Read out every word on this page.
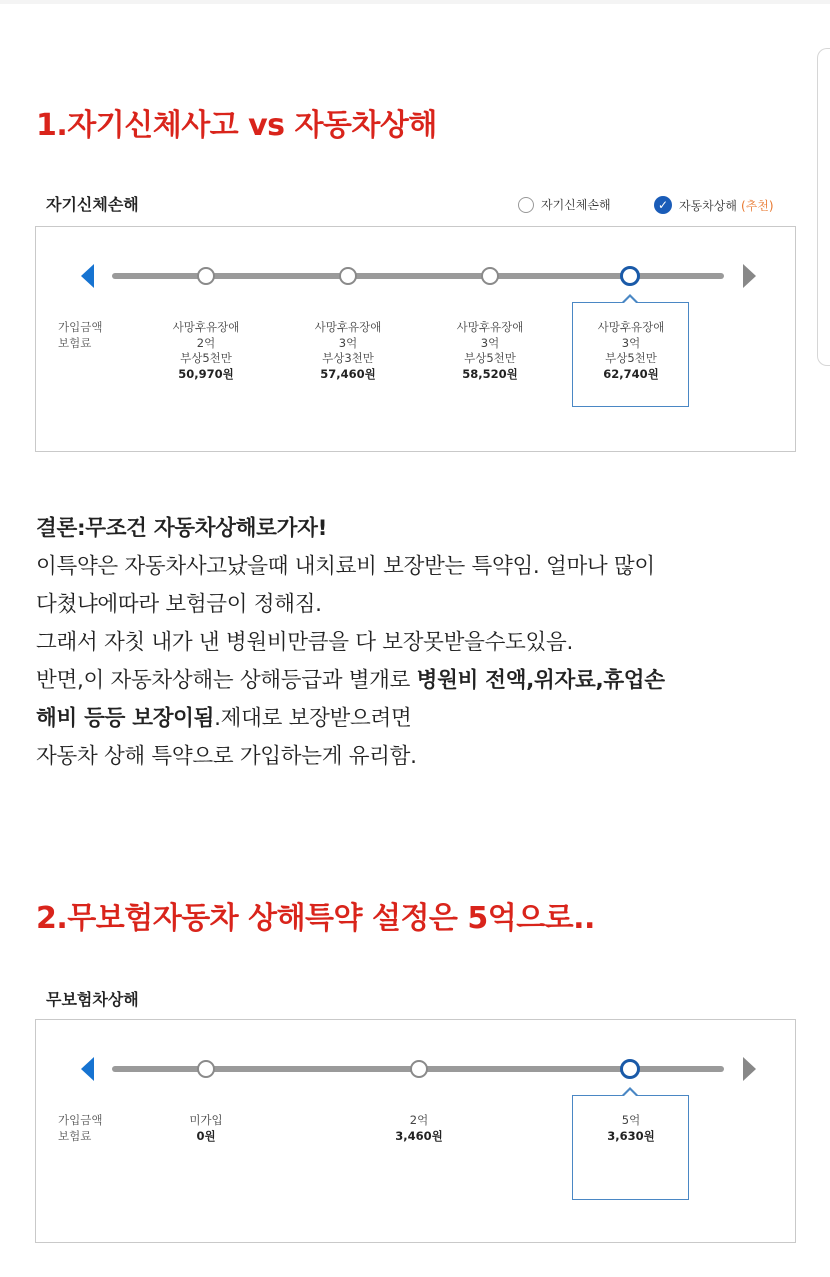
1.자기신체사고 vs 자동차상해
자기신체손해	자기신체손해	✓ 자동차상해 (추천)
가입금액
보험료
사망후유장애
2억
부상5천만
50,970원
사망후유장애
3억
부상3천만
57,460원
사망후유장애
3억
부상5천만
58,520원
사망후유장애
3억
부상5천만
62,740원

결론:무조건 자동차상해로가자!

이특약은 자동차사고났을때 내치료비 보장받는 특약임. 얼마나 많이

다쳤냐에따라 보험금이 정해짐.

그래서 자칫 내가 낸 병원비만큼을 다 보장못받을수도있음.

반면,이 자동차상해는 상해등급과 별개로 병원비 전액,위자료,휴업손

해비 등등 보장이됨.제대로 보장받으려면

자동차 상해 특약으로 가입하는게 유리함.

2.무보험자동차 상해특약 설정은 5억으로..
무보험차상해
가입금액
보험료
미가입
0원
2억
3,460원
5억
3,630원
